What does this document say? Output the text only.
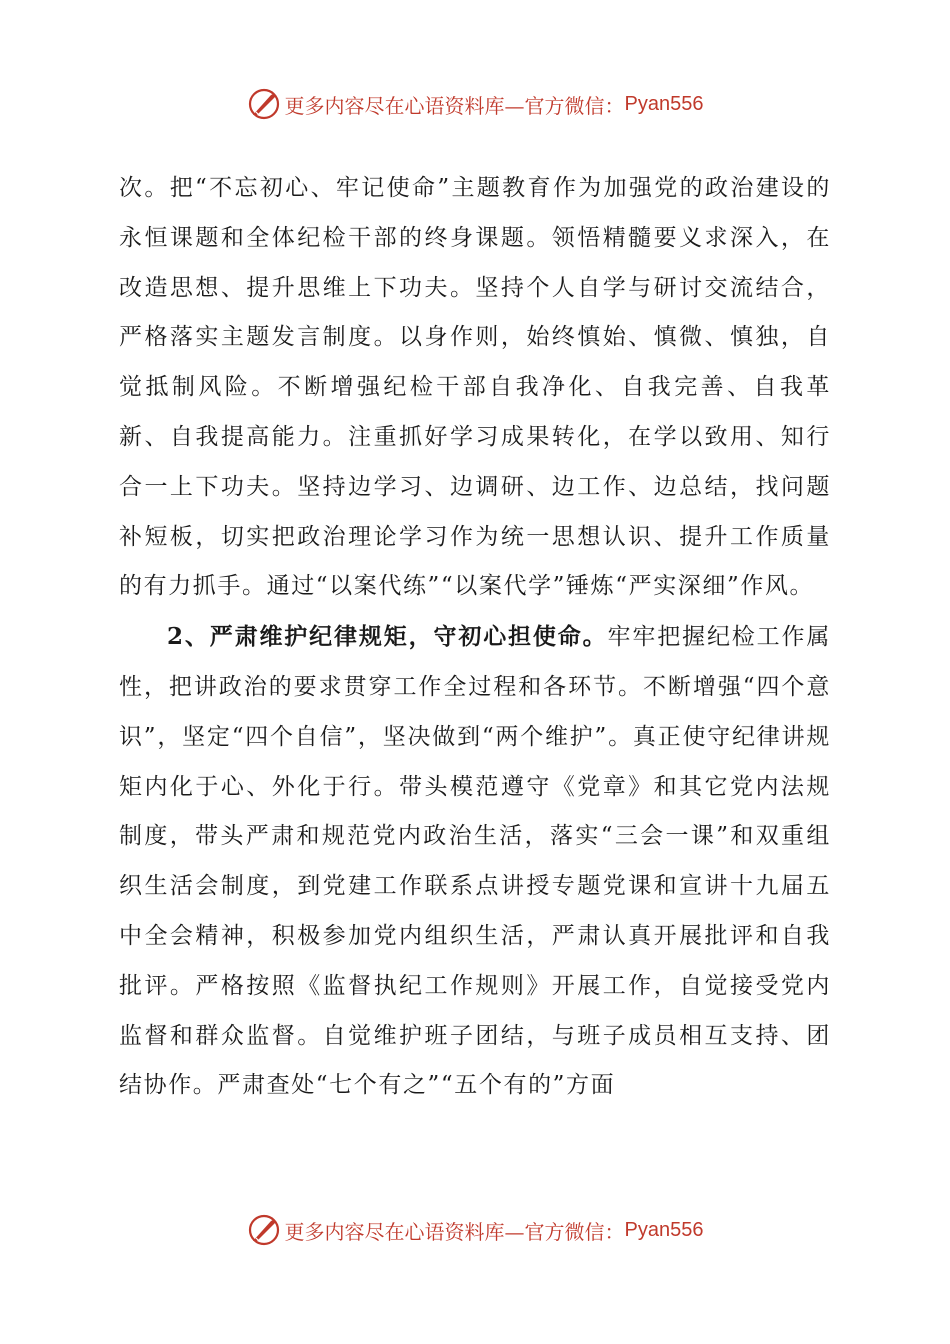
更多内容尽在心语资料库—官方微信： Pyan556

次。把“不忘初心、牢记使命”主题教育作为加强党的政治建设的永恒课题和全体纪检干部的终身课题。领悟精髓要义求深入，在改造思想、提升思维上下功夫。坚持个人自学与研讨交流结合，严格落实主题发言制度。以身作则，始终慎始、慎微、慎独，自觉抵制风险。不断增强纪检干部自我净化、自我完善、自我革新、自我提高能力。注重抓好学习成果转化，在学以致用、知行合一上下功夫。坚持边学习、边调研、边工作、边总结，找问题补短板，切实把政治理论学习作为统一思想认识、提升工作质量的有力抓手。通过“以案代练”“以案代学”锤炼“严实深细”作风。

2、严肃维护纪律规矩，守初心担使命。牢牢把握纪检工作属性，把讲政治的要求贯穿工作全过程和各环节。不断增强“四个意识”，坚定“四个自信”，坚决做到“两个维护”。真正使守纪律讲规矩内化于心、外化于行。带头模范遵守《党章》和其它党内法规制度，带头严肃和规范党内政治生活，落实“三会一课”和双重组织生活会制度，到党建工作联系点讲授专题党课和宣讲十九届五中全会精神，积极参加党内组织生活，严肃认真开展批评和自我批评。严格按照《监督执纪工作规则》开展工作，自觉接受党内监督和群众监督。自觉维护班子团结，与班子成员相互支持、团结协作。严肃查处“七个有之”“五个有的”方面

更多内容尽在心语资料库—官方微信： Pyan556
